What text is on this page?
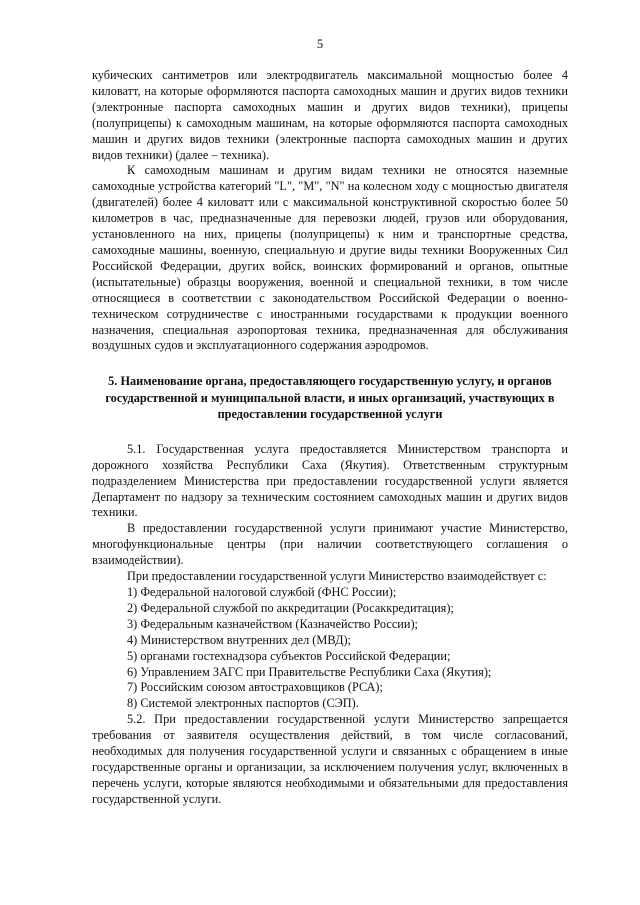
5

кубических сантиметров или электродвигатель максимальной мощностью более 4 киловатт, на которые оформляются паспорта самоходных машин и других видов техники (электронные паспорта самоходных машин и других видов техники), прицепы (полуприцепы) к самоходным машинам, на которые оформляются паспорта самоходных машин и других видов техники (электронные паспорта самоходных машин и других видов техники) (далее – техника).

К самоходным машинам и другим видам техники не относятся наземные самоходные устройства категорий "L", "M", "N" на колесном ходу с мощностью двигателя (двигателей) более 4 киловатт или с максимальной конструктивной скоростью более 50 километров в час, предназначенные для перевозки людей, грузов или оборудования, установленного на них, прицепы (полуприцепы) к ним и транспортные средства, самоходные машины, военную, специальную и другие виды техники Вооруженных Сил Российской Федерации, других войск, воинских формирований и органов, опытные (испытательные) образцы вооружения, военной и специальной техники, в том числе относящиеся в соответствии с законодательством Российской Федерации о военно-техническом сотрудничестве с иностранными государствами к продукции военного назначения, специальная аэропортовая техника, предназначенная для обслуживания воздушных судов и эксплуатационного содержания аэродромов.

5. Наименование органа, предоставляющего государственную услугу, и органов государственной и муниципальной власти, и иных организаций, участвующих в предоставлении государственной услуги

5.1. Государственная услуга предоставляется Министерством транспорта и дорожного хозяйства Республики Саха (Якутия). Ответственным структурным подразделением Министерства при предоставлении государственной услуги является Департамент по надзору за техническим состоянием самоходных машин и других видов техники.

В предоставлении государственной услуги принимают участие Министерство, многофункциональные центры (при наличии соответствующего соглашения о взаимодействии).

При предоставлении государственной услуги Министерство взаимодействует с:

1) Федеральной налоговой службой (ФНС России);

2) Федеральной службой по аккредитации (Росаккредитация);

3) Федеральным казначейством (Казначейство России);

4) Министерством внутренних дел (МВД);

5) органами гостехнадзора субъектов Российской Федерации;

6) Управлением ЗАГС при Правительстве Республики Саха (Якутия);

7) Российским союзом автостраховщиков (РСА);

8) Системой электронных паспортов (СЭП).

5.2. При предоставлении государственной услуги Министерство запрещается требования от заявителя осуществления действий, в том числе согласований, необходимых для получения государственной услуги и связанных с обращением в иные государственные органы и организации, за исключением получения услуг, включенных в перечень услуги, которые являются необходимыми и обязательными для предоставления государственной услуги.
